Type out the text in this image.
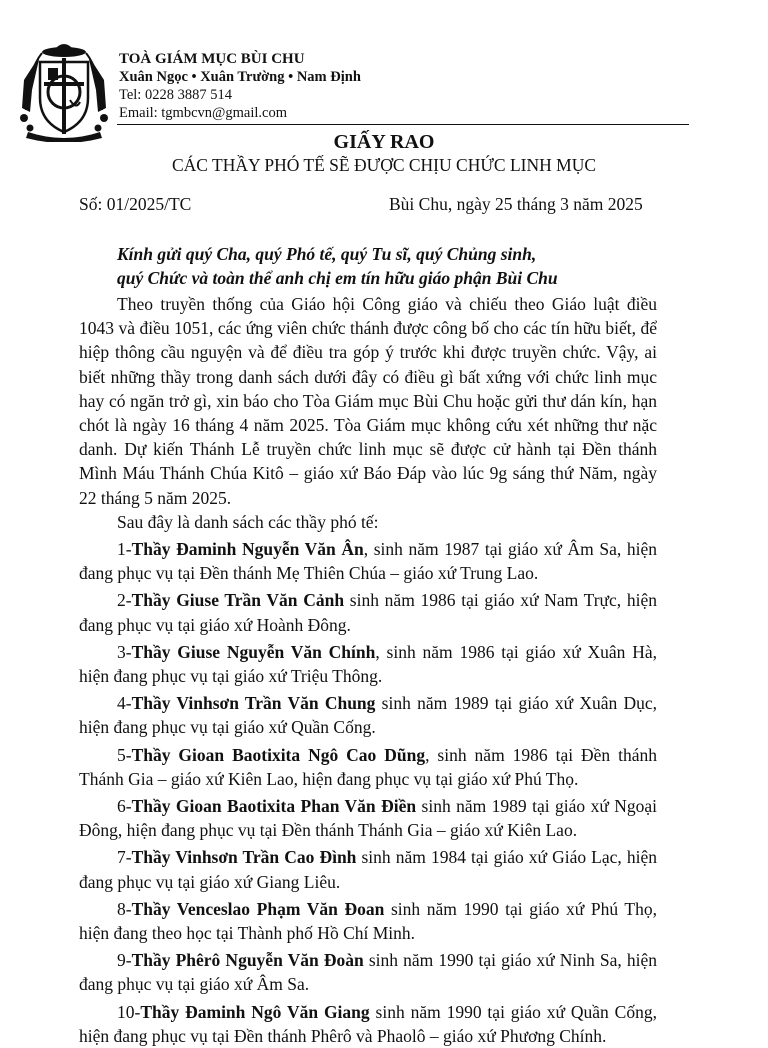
TOÀ GIÁM MỤC BÙI CHU
Xuân Ngọc • Xuân Trường • Nam Định
Tel: 0228 3887 514
Email: tgmbcvn@gmail.com
GIẤY RAO
CÁC THẦY PHÓ TẾ SẼ ĐƯỢC CHỊU CHỨC LINH MỤC
Số: 01/2025/TC	Bùi Chu, ngày 25 tháng 3 năm 2025
Kính gửi quý Cha, quý Phó tế, quý Tu sĩ, quý Chủng sinh,
quý Chức và toàn thể anh chị em tín hữu giáo phận Bùi Chu

Theo truyền thống của Giáo hội Công giáo và chiếu theo Giáo luật điều 1043 và điều 1051, các ứng viên chức thánh được công bố cho các tín hữu biết, để hiệp thông cầu nguyện và để điều tra góp ý trước khi được truyền chức. Vậy, ai biết những thầy trong danh sách dưới đây có điều gì bất xứng với chức linh mục hay có ngăn trở gì, xin báo cho Tòa Giám mục Bùi Chu hoặc gửi thư dán kín, hạn chót là ngày 16 tháng 4 năm 2025. Tòa Giám mục không cứu xét những thư nặc danh. Dự kiến Thánh Lễ truyền chức linh mục sẽ được cử hành tại Đền thánh Mình Máu Thánh Chúa Kitô – giáo xứ Báo Đáp vào lúc 9g sáng thứ Năm, ngày 22 tháng 5 năm 2025.

Sau đây là danh sách các thầy phó tế:

1-Thầy Đaminh Nguyễn Văn Ân, sinh năm 1987 tại giáo xứ Âm Sa, hiện đang phục vụ tại Đền thánh Mẹ Thiên Chúa – giáo xứ Trung Lao.

2-Thầy Giuse Trần Văn Cảnh sinh năm 1986 tại giáo xứ Nam Trực, hiện đang phục vụ tại giáo xứ Hoành Đông.

3-Thầy Giuse Nguyễn Văn Chính, sinh năm 1986 tại giáo xứ Xuân Hà, hiện đang phục vụ tại giáo xứ Triệu Thông.

4-Thầy Vinhsơn Trần Văn Chung sinh năm 1989 tại giáo xứ Xuân Dục, hiện đang phục vụ tại giáo xứ Quần Cống.

5-Thầy Gioan Baotixita Ngô Cao Dũng, sinh năm 1986 tại Đền thánh Thánh Gia – giáo xứ Kiên Lao, hiện đang phục vụ tại giáo xứ Phú Thọ.

6-Thầy Gioan Baotixita Phan Văn Điền sinh năm 1989 tại giáo xứ Ngoại Đông, hiện đang phục vụ tại Đền thánh Thánh Gia – giáo xứ Kiên Lao.

7-Thầy Vinhsơn Trần Cao Đình sinh năm 1984 tại giáo xứ Giáo Lạc, hiện đang phục vụ tại giáo xứ Giang Liêu.

8-Thầy Venceslao Phạm Văn Đoan sinh năm 1990 tại giáo xứ Phú Thọ, hiện đang theo học tại Thành phố Hồ Chí Minh.

9-Thầy Phêrô Nguyễn Văn Đoàn sinh năm 1990 tại giáo xứ Ninh Sa, hiện đang phục vụ tại giáo xứ Âm Sa.

10-Thầy Đaminh Ngô Văn Giang sinh năm 1990 tại giáo xứ Quần Cống, hiện đang phục vụ tại Đền thánh Phêrô và Phaolô – giáo xứ Phương Chính.
